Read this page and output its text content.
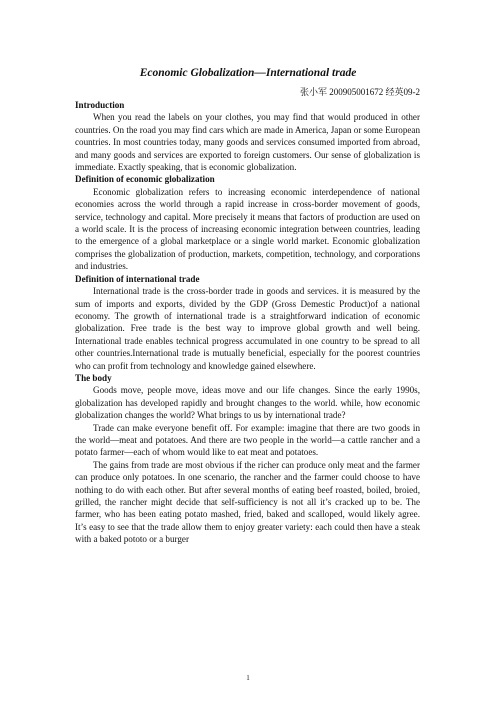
Economic Globalization—International trade
张小军 200905001672 经英09-2
Introduction

When you read the labels on your clothes, you may find that would produced in other countries. On the road you may find cars which are made in America, Japan or some European countries. In most countries today, many goods and services consumed imported from abroad, and many goods and services are exported to foreign customers. Our sense of globalization is immediate. Exactly speaking, that is economic globalization.

Definition of economic globalization

Economic globalization refers to increasing economic interdependence of national economies across the world through a rapid increase in cross-border movement of goods, service, technology and capital. More precisely it means that factors of production are used on a world scale. It is the process of increasing economic integration between countries, leading to the emergence of a global marketplace or a single world market. Economic globalization comprises the globalization of production, markets, competition, technology, and corporations and industries.

Definition of international trade

International trade is the cross-border trade in goods and services. it is measured by the sum of imports and exports, divided by the GDP (Gross Demestic Product)of a national economy. The growth of international trade is a straightforward indication of economic globalization. Free trade is the best way to improve global growth and well being. International trade enables technical progress accumulated in one country to be spread to all other countries.International trade is mutually beneficial, especially for the poorest countries who can profit from technology and knowledge gained elsewhere.

The body

Goods move, people move, ideas move and our life changes. Since the early 1990s, globalization has developed rapidly and brought changes to the world. while, how economic globalization changes the world? What brings to us by international trade?

Trade can make everyone benefit off. For example: imagine that there are two goods in the world—meat and potatoes. And there are two people in the world—a cattle rancher and a potato farmer—each of whom would like to eat meat and potatoes.

The gains from trade are most obvious if the richer can produce only meat and the farmer can produce only potatoes. In one scenario, the rancher and the farmer could choose to have nothing to do with each other. But after several months of eating beef roasted, boiled, broied, grilled, the rancher might decide that self-sufficiency is not all it’s cracked up to be. The farmer, who has been eating potato mashed, fried, baked and scalloped, would likely agree. It’s easy to see that the trade allow them to enjoy greater variety: each could then have a steak with a baked pototo or a burger

1
